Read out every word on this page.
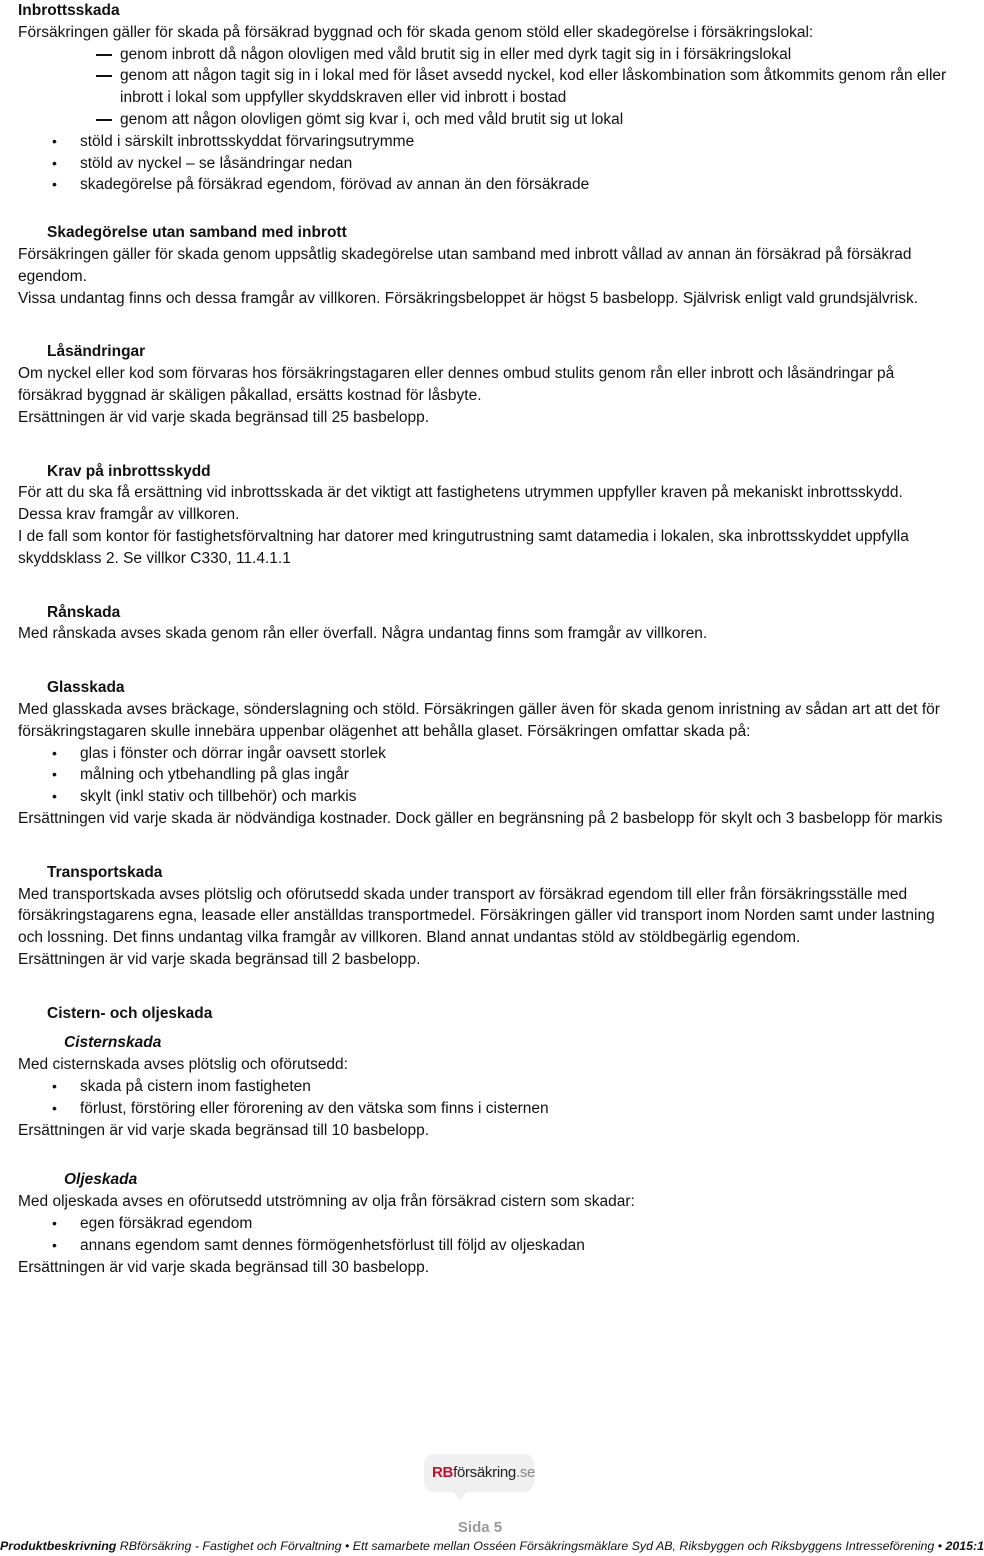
Inbrottsskada

Försäkringen gäller för skada på försäkrad byggnad och för skada genom stöld eller skadegörelse i försäkringslokal:

genom inbrott då någon olovligen med våld brutit sig in eller med dyrk tagit sig in i försäkringslokal
genom att någon tagit sig in i lokal med för låset avsedd nyckel, kod eller låskombination som åtkommits genom rån eller inbrott i lokal som uppfyller skyddskraven eller vid inbrott i bostad
genom att någon olovligen gömt sig kvar i, och med våld brutit sig ut lokal
• stöld i särskilt inbrottsskyddat förvaringsutrymme
• stöld av nyckel – se låsändringar nedan
• skadegörelse på försäkrad egendom, förövad av annan än den försäkrade

Skadegörelse utan samband med inbrott

Försäkringen gäller för skada genom uppsåtlig skadegörelse utan samband med inbrott vållad av annan än försäkrad på försäkrad egendom.

Vissa undantag finns och dessa framgår av villkoren. Försäkringsbeloppet är högst 5 basbelopp. Självrisk enligt vald grundsjälvrisk.

Låsändringar

Om nyckel eller kod som förvaras hos försäkringstagaren eller dennes ombud stulits genom rån eller inbrott och låsändringar på försäkrad byggnad är skäligen påkallad, ersätts kostnad för låsbyte.

Ersättningen är vid varje skada begränsad till 25 basbelopp.

Krav på inbrottsskydd

För att du ska få ersättning vid inbrottsskada är det viktigt att fastighetens utrymmen uppfyller kraven på mekaniskt inbrottsskydd. Dessa krav framgår av villkoren.

I de fall som kontor för fastighetsförvaltning har datorer med kringutrustning samt datamedia i lokalen, ska inbrottsskyddet uppfylla skyddsklass 2. Se villkor C330, 11.4.1.1

Rånskada

Med rånskada avses skada genom rån eller överfall. Några undantag finns som framgår av villkoren.

Glasskada

Med glasskada avses bräckage, sönderslagning och stöld. Försäkringen gäller även för skada genom inristning av sådan art att det för försäkringstagaren skulle innebära uppenbar olägenhet att behålla glaset. Försäkringen omfattar skada på:

• glas i fönster och dörrar ingår oavsett storlek
• målning och ytbehandling på glas ingår
• skylt (inkl stativ och tillbehör) och markis

Ersättningen vid varje skada är nödvändiga kostnader. Dock gäller en begränsning på 2 basbelopp för skylt och 3 basbelopp för markis

Transportskada

Med transportskada avses plötslig och oförutsedd skada under transport av försäkrad egendom till eller från försäkringsställe med försäkringstagarens egna, leasade eller anställdas transportmedel. Försäkringen gäller vid transport inom Norden samt under lastning och lossning. Det finns undantag vilka framgår av villkoren. Bland annat undantas stöld av stöldbegärlig egendom.

Ersättningen är vid varje skada begränsad till 2 basbelopp.

Cistern- och oljeskada

Cisternskada

Med cisternskada avses plötslig och oförutsedd:

• skada på cistern inom fastigheten
• förlust, förstöring eller förorening av den vätska som finns i cisternen

Ersättningen är vid varje skada begränsad till 10 basbelopp.

Oljeskada

Med oljeskada avses en oförutsedd utströmning av olja från försäkrad cistern som skadar:

• egen försäkrad egendom
• annans egendom samt dennes förmögenhetsförlust till följd av oljeskadan

Ersättningen är vid varje skada begränsad till 30 basbelopp.

RBförsäkring.se
Sida 5
Produktbeskrivning RBförsäkring - Fastighet och Förvaltning • Ett samarbete mellan Osséen Försäkringsmäklare Syd AB, Riksbyggen och Riksbyggens Intresseförening • 2015:1
